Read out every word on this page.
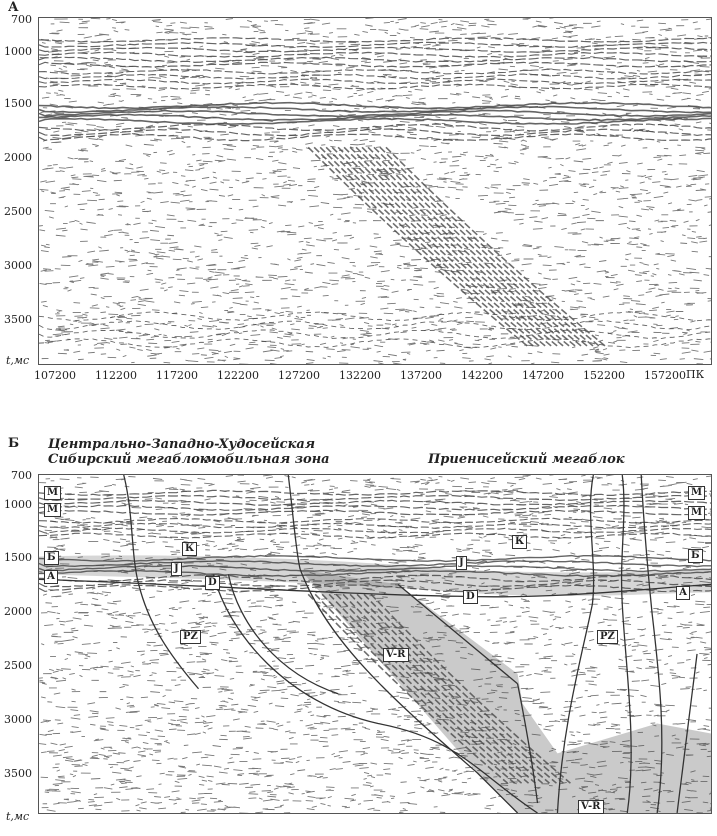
А
700
1000
1500
2000
2500
3000
3500
t,мс
107200	112200	117200	122200	127200	132200	137200	142200	147200	152200	157200 ПК
Б Центрально-Западно-
Сибирский мегаблок
Худосейская
мобильная зона	Приенисейский мегаблок
700
1000
1500
2000
2500
3000
3500
t,мс
M
M
Б
А
M
M
Б
А
К
К
J
J
D
D
PZ	PZ
V-R
V-R
